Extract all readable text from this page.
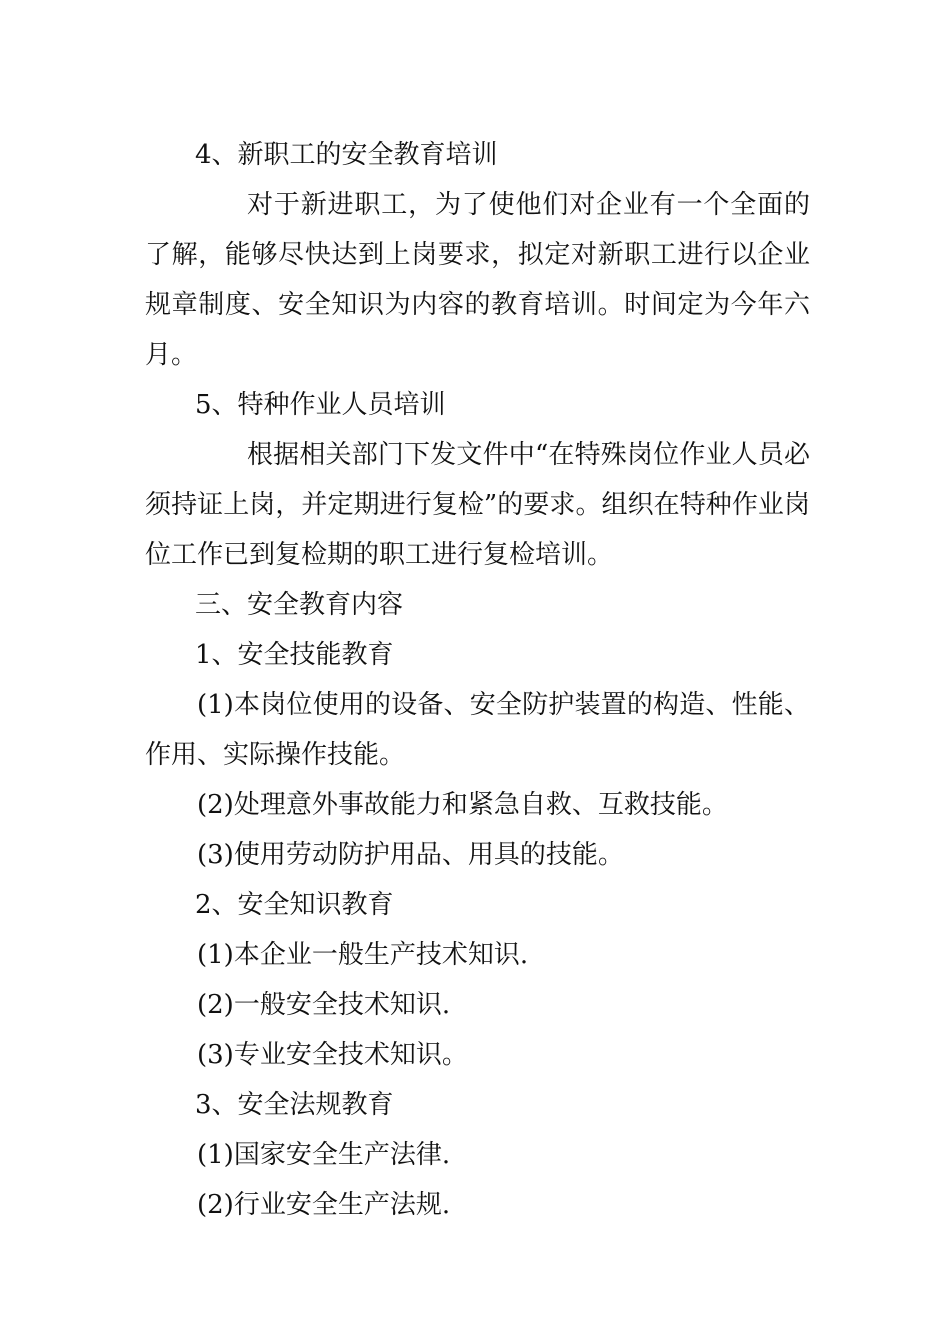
4、新职工的安全教育培训

对于新进职工，为了使他们对企业有一个全面的了解，能够尽快达到上岗要求，拟定对新职工进行以企业规章制度、安全知识为内容的教育培训。时间定为今年六月。

5、特种作业人员培训

根据相关部门下发文件中“在特殊岗位作业人员必须持证上岗，并定期进行复检”的要求。组织在特种作业岗位工作已到复检期的职工进行复检培训。

三、安全教育内容

1、安全技能教育

(1)本岗位使用的设备、安全防护装置的构造、性能、作用、实际操作技能。

(2)处理意外事故能力和紧急自救、互救技能。

(3)使用劳动防护用品、用具的技能。

2、安全知识教育

(1)本企业一般生产技术知识.

(2)一般安全技术知识.

(3)专业安全技术知识。

3、安全法规教育

(1)国家安全生产法律.

(2)行业安全生产法规.
